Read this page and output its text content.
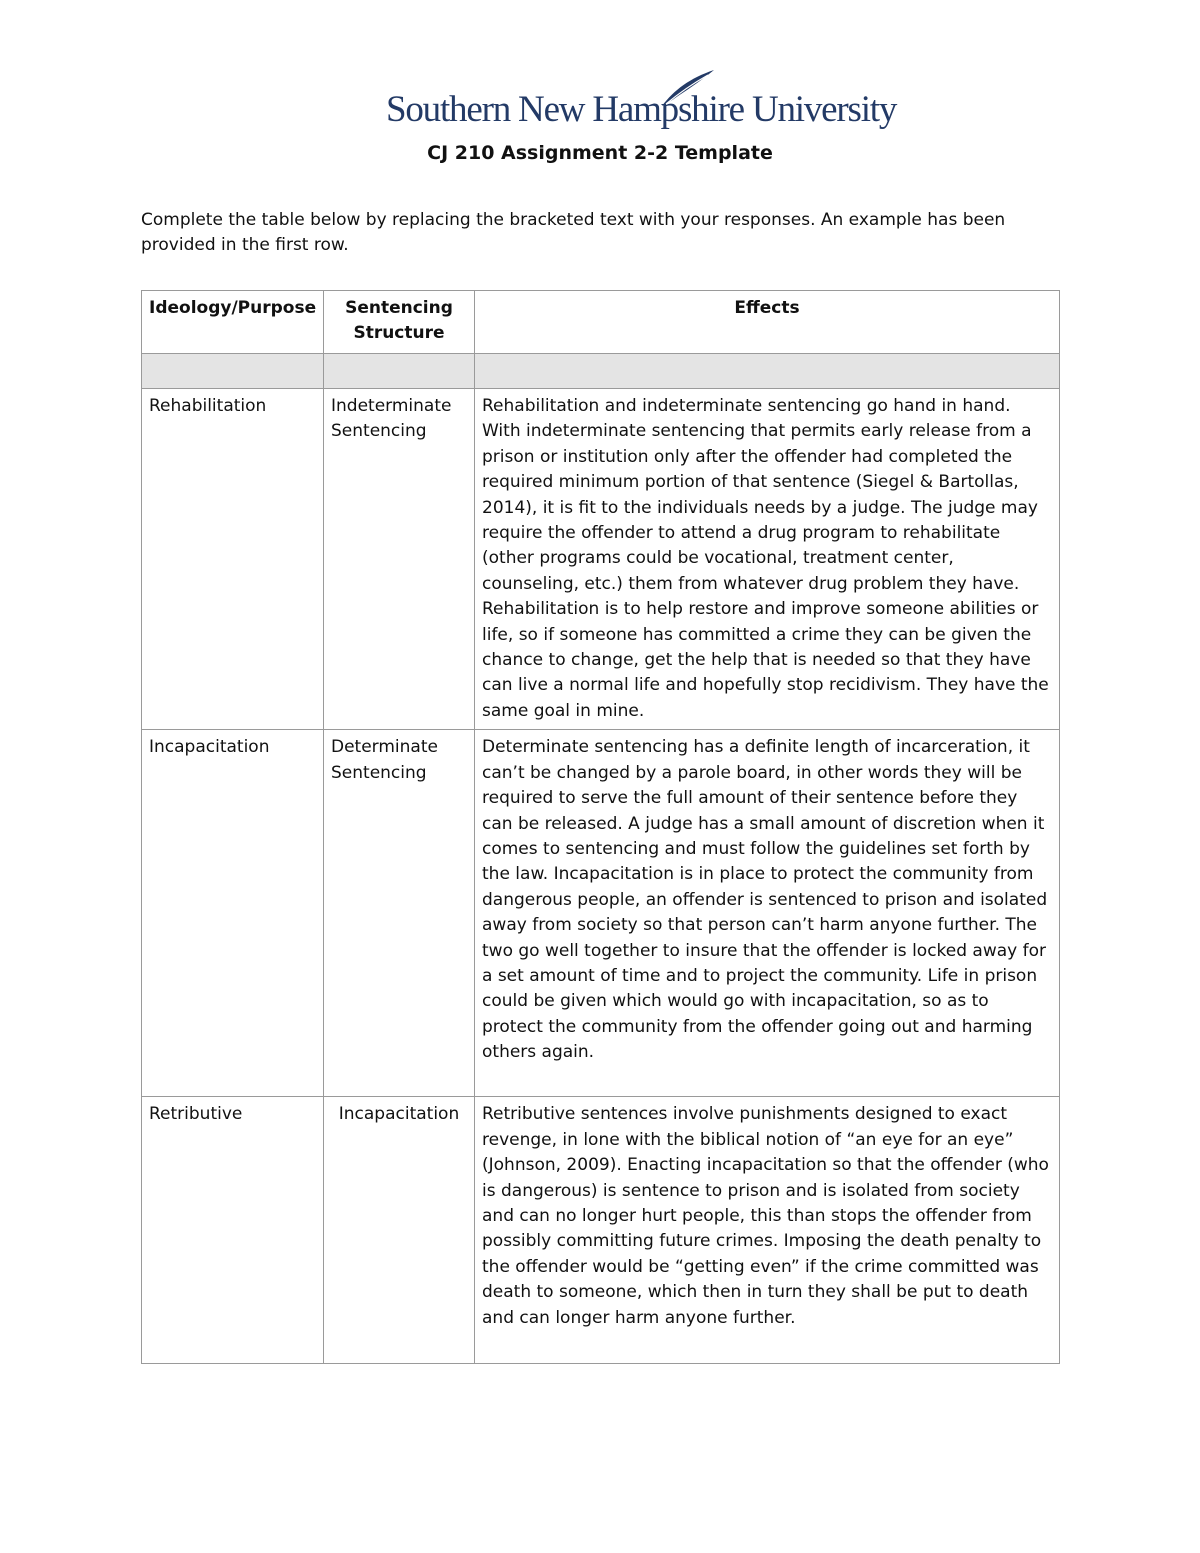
Southern New Hampshire University
CJ 210 Assignment 2-2 Template

Complete the table below by replacing the bracketed text with your responses. An example has been provided in the first row.

Ideology/Purpose	Sentencing Structure	Effects

Rehabilitation	Indeterminate Sentencing	Rehabilitation and indeterminate sentencing go hand in hand. With indeterminate sentencing that permits early release from a prison or institution only after the offender had completed the required minimum portion of that sentence (Siegel & Bartollas, 2014), it is fit to the individuals needs by a judge. The judge may require the offender to attend a drug program to rehabilitate (other programs could be vocational, treatment center, counseling, etc.) them from whatever drug problem they have. Rehabilitation is to help restore and improve someone abilities or life, so if someone has committed a crime they can be given the chance to change, get the help that is needed so that they have can live a normal life and hopefully stop recidivism. They have the same goal in mine.
Incapacitation	Determinate Sentencing	Determinate sentencing has a definite length of incarceration, it can’t be changed by a parole board, in other words they will be required to serve the full amount of their sentence before they can be released. A judge has a small amount of discretion when it comes to sentencing and must follow the guidelines set forth by the law. Incapacitation is in place to protect the community from dangerous people, an offender is sentenced to prison and isolated away from society so that person can’t harm anyone further. The two go well together to insure that the offender is locked away for a set amount of time and to project the community. Life in prison could be given which would go with incapacitation, so as to protect the community from the offender going out and harming others again.
Retributive	Incapacitation	Retributive sentences involve punishments designed to exact revenge, in lone with the biblical notion of “an eye for an eye” (Johnson, 2009). Enacting incapacitation so that the offender (who is dangerous) is sentence to prison and is isolated from society and can no longer hurt people, this than stops the offender from possibly committing future crimes. Imposing the death penalty to the offender would be “getting even” if the crime committed was death to someone, which then in turn they shall be put to death and can longer harm anyone further.
